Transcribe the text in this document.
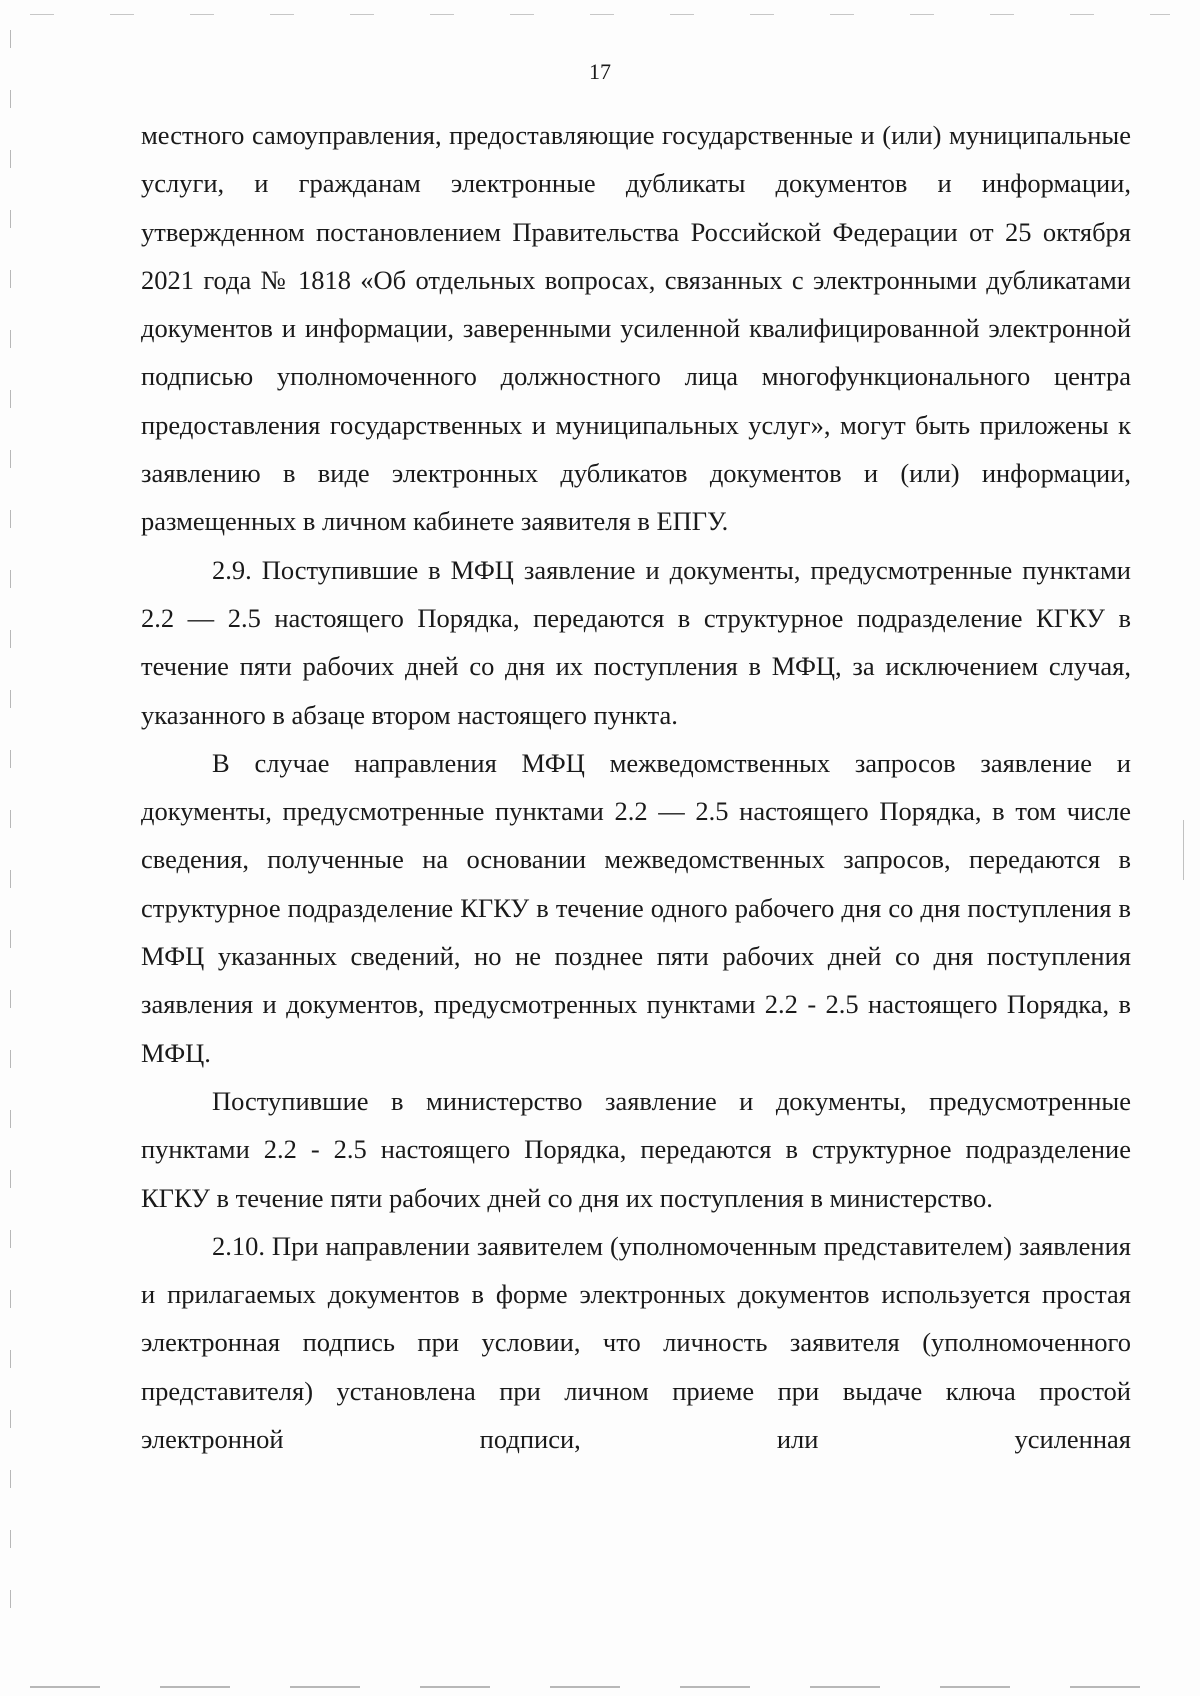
17

местного самоуправления, предоставляющие государственные и (или) муниципальные услуги, и гражданам электронные дубликаты документов и информации, утвержденном постановлением Правительства Российской Федерации от 25 октября 2021 года № 1818 «Об отдельных вопросах, связанных с электронными дубликатами документов и информации, заверенными усиленной квалифицированной электронной подписью уполномоченного должностного лица многофункционального центра предоставления государственных и муниципальных услуг», могут быть приложены к заявлению в виде электронных дубликатов документов и (или) информации, размещенных в личном кабинете заявителя в ЕПГУ.

2.9. Поступившие в МФЦ заявление и документы, предусмотренные пунктами 2.2 — 2.5 настоящего Порядка, передаются в структурное подразделение КГКУ в течение пяти рабочих дней со дня их поступления в МФЦ, за исключением случая, указанного в абзаце втором настоящего пункта.

В случае направления МФЦ межведомственных запросов заявление и документы, предусмотренные пунктами 2.2 — 2.5 настоящего Порядка, в том числе сведения, полученные на основании межведомственных запросов, передаются в структурное подразделение КГКУ в течение одного рабочего дня со дня поступления в МФЦ указанных сведений, но не позднее пяти рабочих дней со дня поступления заявления и документов, предусмотренных пунктами 2.2 - 2.5 настоящего Порядка, в МФЦ.

Поступившие в министерство заявление и документы, предусмотренные пунктами 2.2 - 2.5 настоящего Порядка, передаются в структурное подразделение КГКУ в течение пяти рабочих дней со дня их поступления в министерство.

2.10. При направлении заявителем (уполномоченным представителем) заявления и прилагаемых документов в форме электронных документов используется простая электронная подпись при условии, что личность заявителя (уполномоченного представителя) установлена при личном приеме при выдаче ключа простой электронной подписи, или усиленная
